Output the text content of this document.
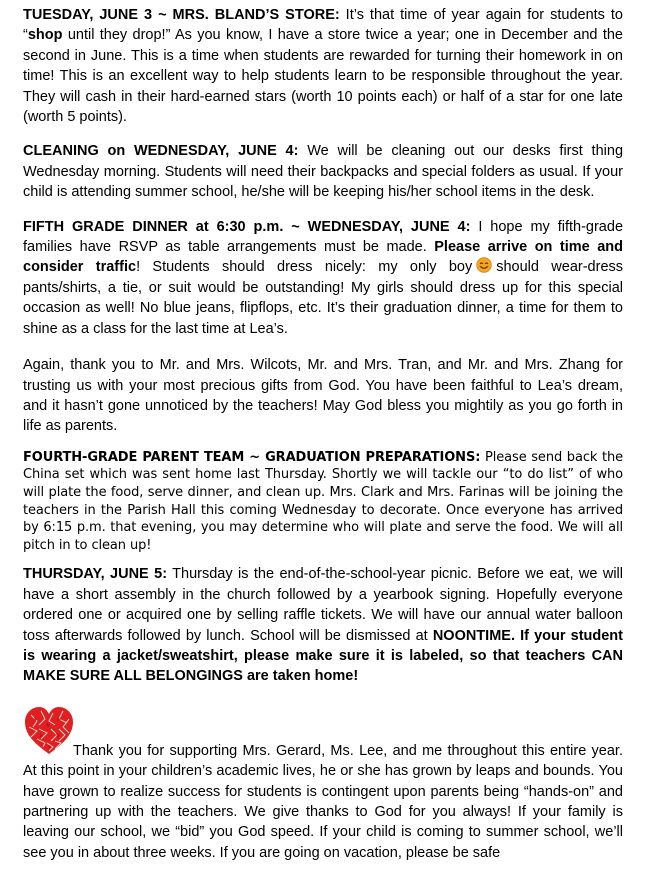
TUESDAY, JUNE 3 ~ MRS. BLAND’S STORE: It’s that time of year again for students to “shop until they drop!” As you know, I have a store twice a year; one in December and the second in June. This is a time when students are rewarded for turning their homework in on time! This is an excellent way to help students learn to be responsible throughout the year. They will cash in their hard-earned stars (worth 10 points each) or half of a star for one late (worth 5 points).

CLEANING on WEDNESDAY, JUNE 4: We will be cleaning out our desks first thing Wednesday morning. Students will need their backpacks and special folders as usual. If your child is attending summer school, he/she will be keeping his/her school items in the desk.

FIFTH GRADE DINNER at 6:30 p.m. ~ WEDNESDAY, JUNE 4: I hope my fifth-grade families have RSVP as table arrangements must be made. Please arrive on time and consider traffic! Students should dress nicely: my only boy should wear-dress pants/shirts, a tie, or suit would be outstanding! My girls should dress up for this special occasion as well! No blue jeans, flipflops, etc. It’s their graduation dinner, a time for them to shine as a class for the last time at Lea’s.

Again, thank you to Mr. and Mrs. Wilcots, Mr. and Mrs. Tran, and Mr. and Mrs. Zhang for trusting us with your most precious gifts from God. You have been faithful to Lea’s dream, and it hasn’t gone unnoticed by the teachers! May God bless you mightily as you go forth in life as parents.

FOURTH-GRADE PARENT TEAM ~ GRADUATION PREPARATIONS: Please send back the China set which was sent home last Thursday. Shortly we will tackle our “to do list” of who will plate the food, serve dinner, and clean up. Mrs. Clark and Mrs. Farinas will be joining the teachers in the Parish Hall this coming Wednesday to decorate. Once everyone has arrived by 6:15 p.m. that evening, you may determine who will plate and serve the food. We will all pitch in to clean up!

THURSDAY, JUNE 5: Thursday is the end-of-the-school-year picnic. Before we eat, we will have a short assembly in the church followed by a yearbook signing. Hopefully everyone ordered one or acquired one by selling raffle tickets. We will have our annual water balloon toss afterwards followed by lunch. School will be dismissed at NOONTIME. If your student is wearing a jacket/sweatshirt, please make sure it is labeled, so that teachers CAN MAKE SURE ALL BELONGINGS are taken home!

Thank you for supporting Mrs. Gerard, Ms. Lee, and me throughout this entire year. At this point in your children’s academic lives, he or she has grown by leaps and bounds. You have grown to realize success for students is contingent upon parents being “hands-on” and partnering up with the teachers. We give thanks to God for you always! If your family is leaving our school, we “bid” you God speed. If your child is coming to summer school, we’ll see you in about three weeks. If you are going on vacation, please be safe
